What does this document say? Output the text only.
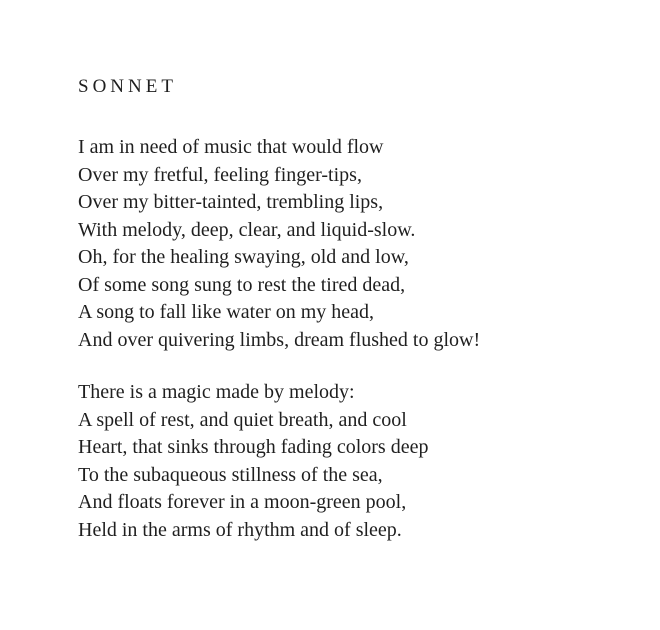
SONNET

I am in need of music that would flow

Over my fretful, feeling finger-tips,

Over my bitter-tainted, trembling lips,

With melody, deep, clear, and liquid-slow.

Oh, for the healing swaying, old and low,

Of some song sung to rest the tired dead,

A song to fall like water on my head,

And over quivering limbs, dream flushed to glow!

There is a magic made by melody:

A spell of rest, and quiet breath, and cool

Heart, that sinks through fading colors deep

To the subaqueous stillness of the sea,

And floats forever in a moon-green pool,

Held in the arms of rhythm and of sleep.
